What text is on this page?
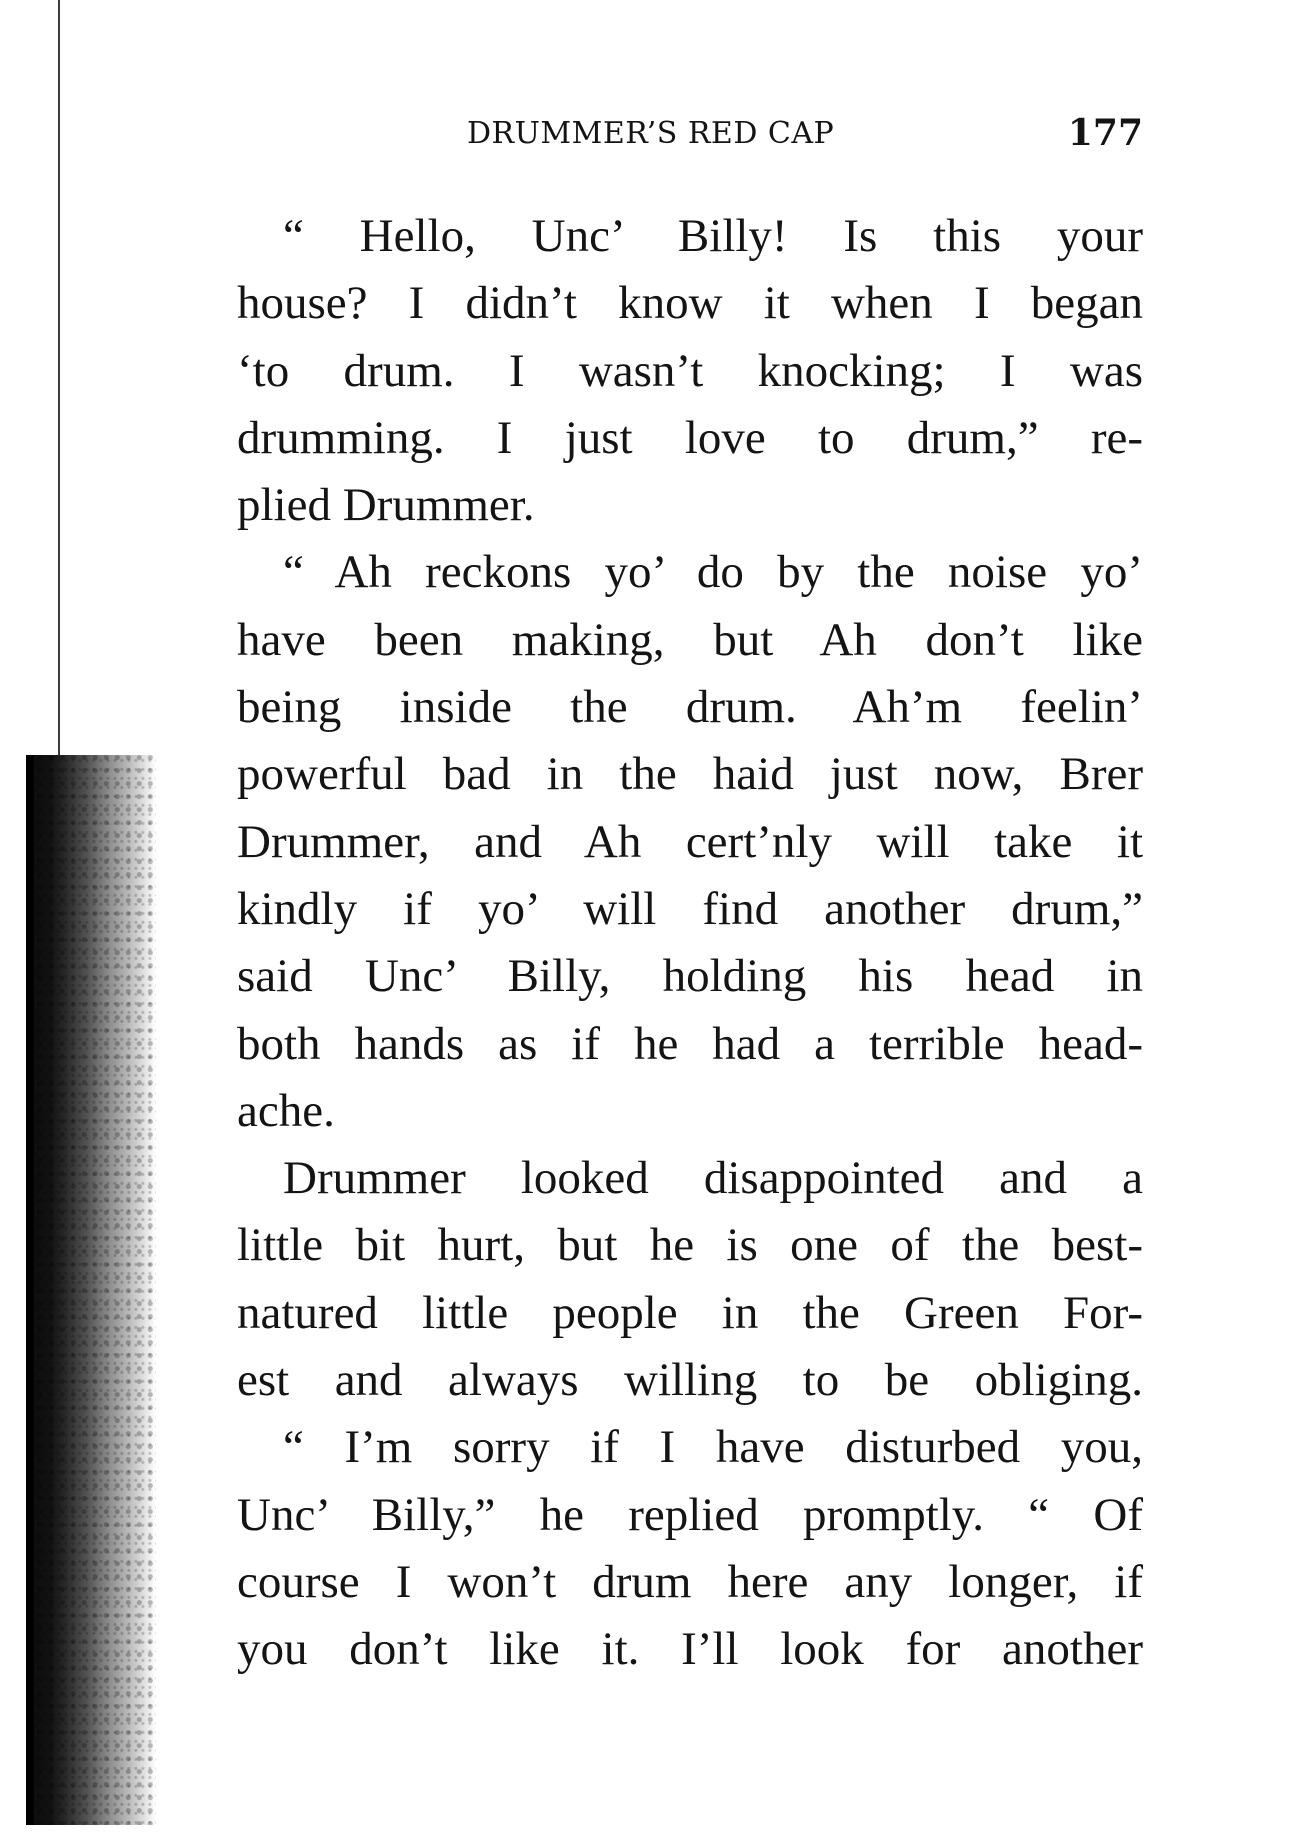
DRUMMER’S RED CAP	177
“ Hello, Unc’ Billy! Is this your
house? I didn’t know it when I began
‘to drum. I wasn’t knocking; I was
drumming. I just love to drum,” re-
plied Drummer.
“ Ah reckons yo’ do by the noise yo’
have been making, but Ah don’t like
being inside the drum. Ah’m feelin’
powerful bad in the haid just now, Brer
Drummer, and Ah cert’nly will take it
kindly if yo’ will find another drum,”
said Unc’ Billy, holding his head in
both hands as if he had a terrible head-
ache.
Drummer looked disappointed and a
little bit hurt, but he is one of the best-
natured little people in the Green For-
est and always willing to be obliging.
“ I’m sorry if I have disturbed you,
Unc’ Billy,” he replied promptly. “ Of
course I won’t drum here any longer, if
you don’t like it. I’ll look for another
